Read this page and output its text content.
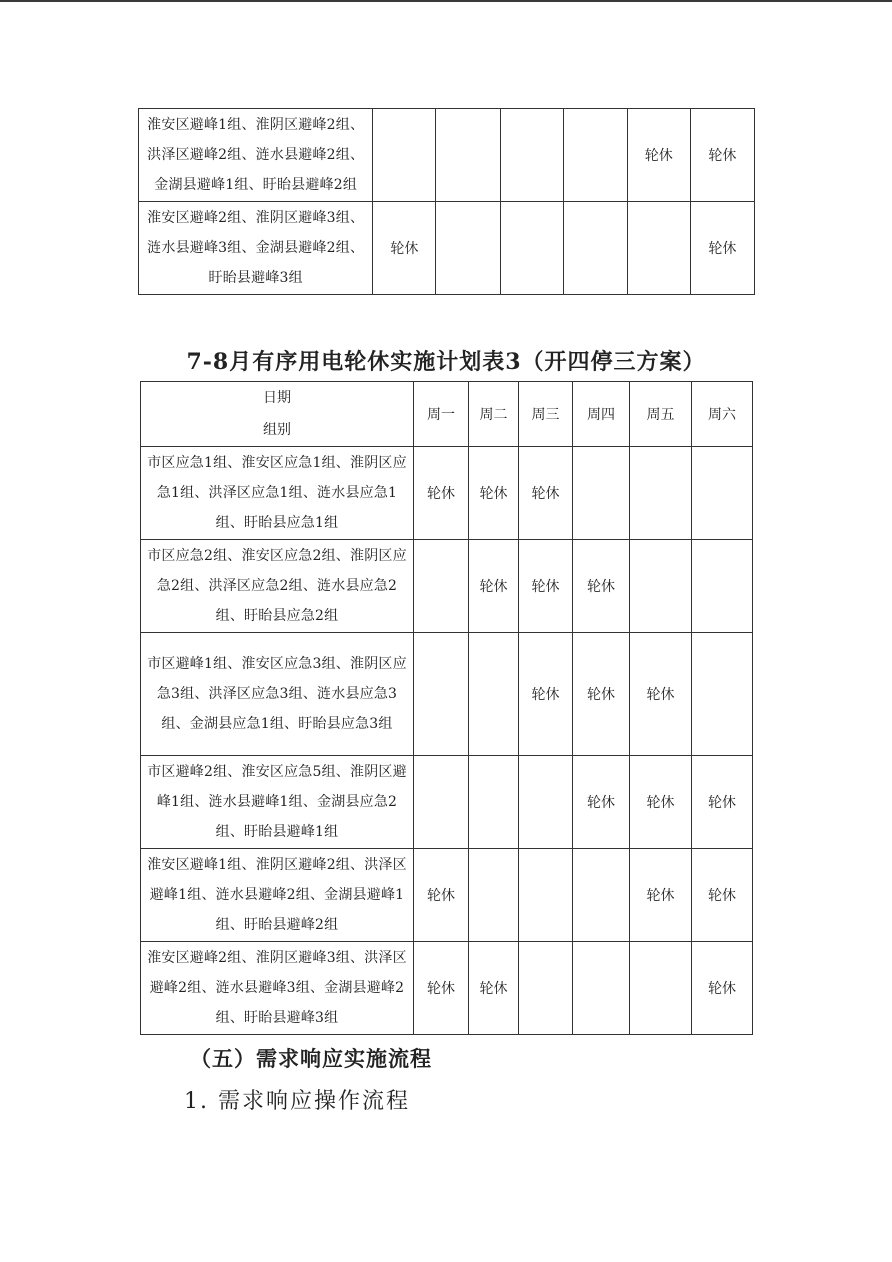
淮安区避峰1组、淮阴区避峰2组、洪泽区避峰2组、涟水县避峰2组、金湖县避峰1组、盱眙县避峰2组					轮休	轮休
淮安区避峰2组、淮阴区避峰3组、涟水县避峰3组、金湖县避峰2组、盱眙县避峰3组	轮休					轮休
7-8月有序用电轮休实施计划表3（开四停三方案）
日期
组别	周一	周二	周三	周四	周五	周六
市区应急1组、淮安区应急1组、淮阴区应急1组、洪泽区应急1组、涟水县应急1组、盱眙县应急1组	轮休	轮休	轮休			
市区应急2组、淮安区应急2组、淮阴区应急2组、洪泽区应急2组、涟水县应急2组、盱眙县应急2组		轮休	轮休	轮休		
市区避峰1组、淮安区应急3组、淮阴区应急3组、洪泽区应急3组、涟水县应急3组、金湖县应急1组、盱眙县应急3组			轮休	轮休	轮休	
市区避峰2组、淮安区应急5组、淮阴区避峰1组、涟水县避峰1组、金湖县应急2组、盱眙县避峰1组				轮休	轮休	轮休
淮安区避峰1组、淮阴区避峰2组、洪泽区避峰1组、涟水县避峰2组、金湖县避峰1组、盱眙县避峰2组	轮休				轮休	轮休
淮安区避峰2组、淮阴区避峰3组、洪泽区避峰2组、涟水县避峰3组、金湖县避峰2组、盱眙县避峰3组	轮休	轮休				轮休
（五）需求响应实施流程
1. 需求响应操作流程
